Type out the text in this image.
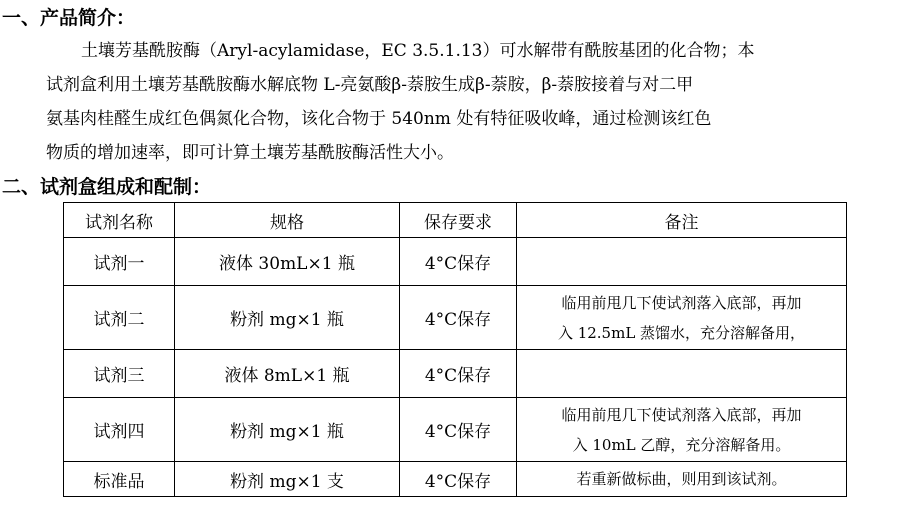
一、产品简介：
土壤芳基酰胺酶（Aryl-acylamidase，EC 3.5.1.13）可水解带有酰胺基团的化合物；本
试剂盒利用土壤芳基酰胺酶水解底物 L-亮氨酸β-萘胺生成β-萘胺，β-萘胺接着与对二甲
氨基肉桂醛生成红色偶氮化合物，该化合物于 540nm 处有特征吸收峰，通过检测该红色
物质的增加速率，即可计算土壤芳基酰胺酶活性大小。
二、试剂盒组成和配制：
试剂名称	规格	保存要求	备注
试剂一	液体 30mL×1 瓶	4°C保存	
试剂二	粉剂 mg×1 瓶	4°C保存	临用前甩几下使试剂落入底部，再加
入 12.5mL 蒸馏水，充分溶解备用，

试剂三	液体 8mL×1 瓶	4°C保存	
试剂四	粉剂 mg×1 瓶	4°C保存	临用前甩几下使试剂落入底部，再加
入 10mL 乙醇，充分溶解备用。

标准品	粉剂 mg×1 支	4°C保存	若重新做标曲，则用到该试剂。
